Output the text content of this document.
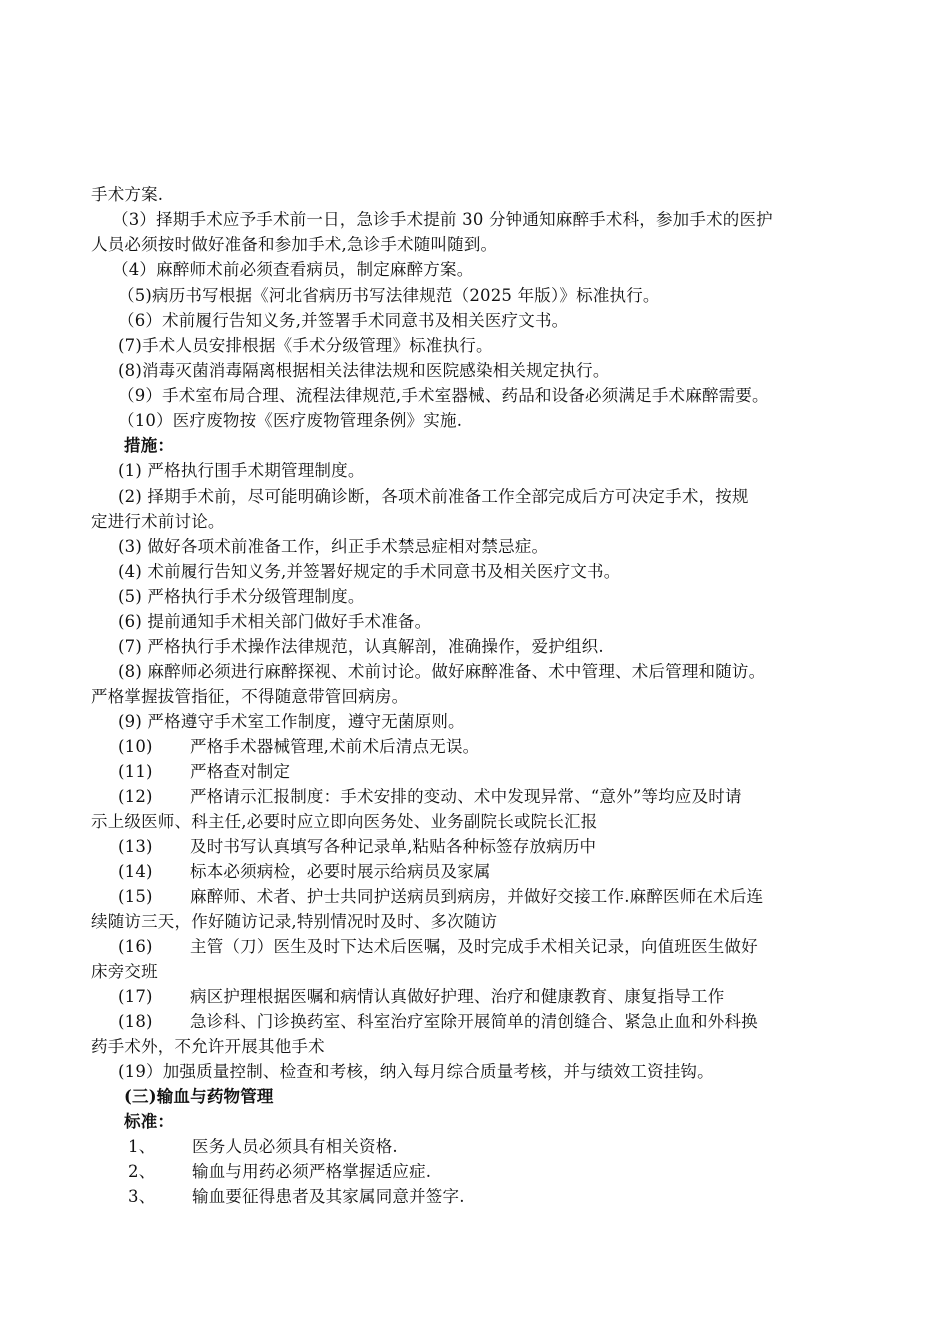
手术方案.
（3）择期手术应予手术前一日，急诊手术提前 30 分钟通知麻醉手术科，参加手术的医护
人员必须按时做好准备和参加手术,急诊手术随叫随到。
（4）麻醉师术前必须查看病员，制定麻醉方案。
（5)病历书写根据《河北省病历书写法律规范（2025 年版）》标准执行。
（6）术前履行告知义务,并签署手术同意书及相关医疗文书。
(7)手术人员安排根据《手术分级管理》标准执行。
(8)消毒灭菌消毒隔离根据相关法律法规和医院感染相关规定执行。
（9）手术室布局合理、流程法律规范,手术室器械、药品和设备必须满足手术麻醉需要。
（10）医疗废物按《医疗废物管理条例》实施.
措施：
(1) 严格执行围手术期管理制度。
(2) 择期手术前，尽可能明确诊断，各项术前准备工作全部完成后方可决定手术，按规
定进行术前讨论。
(3) 做好各项术前准备工作，纠正手术禁忌症相对禁忌症。
(4) 术前履行告知义务,并签署好规定的手术同意书及相关医疗文书。
(5) 严格执行手术分级管理制度。
(6) 提前通知手术相关部门做好手术准备。
(7) 严格执行手术操作法律规范，认真解剖，准确操作，爱护组织.
(8) 麻醉师必须进行麻醉探视、术前讨论。做好麻醉准备、术中管理、术后管理和随访。
严格掌握拔管指征，不得随意带管回病房。
(9) 严格遵守手术室工作制度，遵守无菌原则。
(10) 严格手术器械管理,术前术后清点无误。
(11) 严格查对制定
(12) 严格请示汇报制度：手术安排的变动、术中发现异常、“意外”等均应及时请
示上级医师、科主任,必要时应立即向医务处、业务副院长或院长汇报
(13) 及时书写认真填写各种记录单,粘贴各种标签存放病历中
(14) 标本必须病检，必要时展示给病员及家属
(15) 麻醉师、术者、护士共同护送病员到病房，并做好交接工作.麻醉医师在术后连
续随访三天，作好随访记录,特别情况时及时、多次随访
(16) 主管（刀）医生及时下达术后医嘱，及时完成手术相关记录，向值班医生做好
床旁交班
(17) 病区护理根据医嘱和病情认真做好护理、治疗和健康教育、康复指导工作
(18) 急诊科、门诊换药室、科室治疗室除开展简单的清创缝合、紧急止血和外科换
药手术外，不允许开展其他手术
(19）加强质量控制、检查和考核，纳入每月综合质量考核，并与绩效工资挂钩。
(三)输血与药物管理
标准：
1、 医务人员必须具有相关资格.
2、 输血与用药必须严格掌握适应症.
3、 输血要征得患者及其家属同意并签字.
